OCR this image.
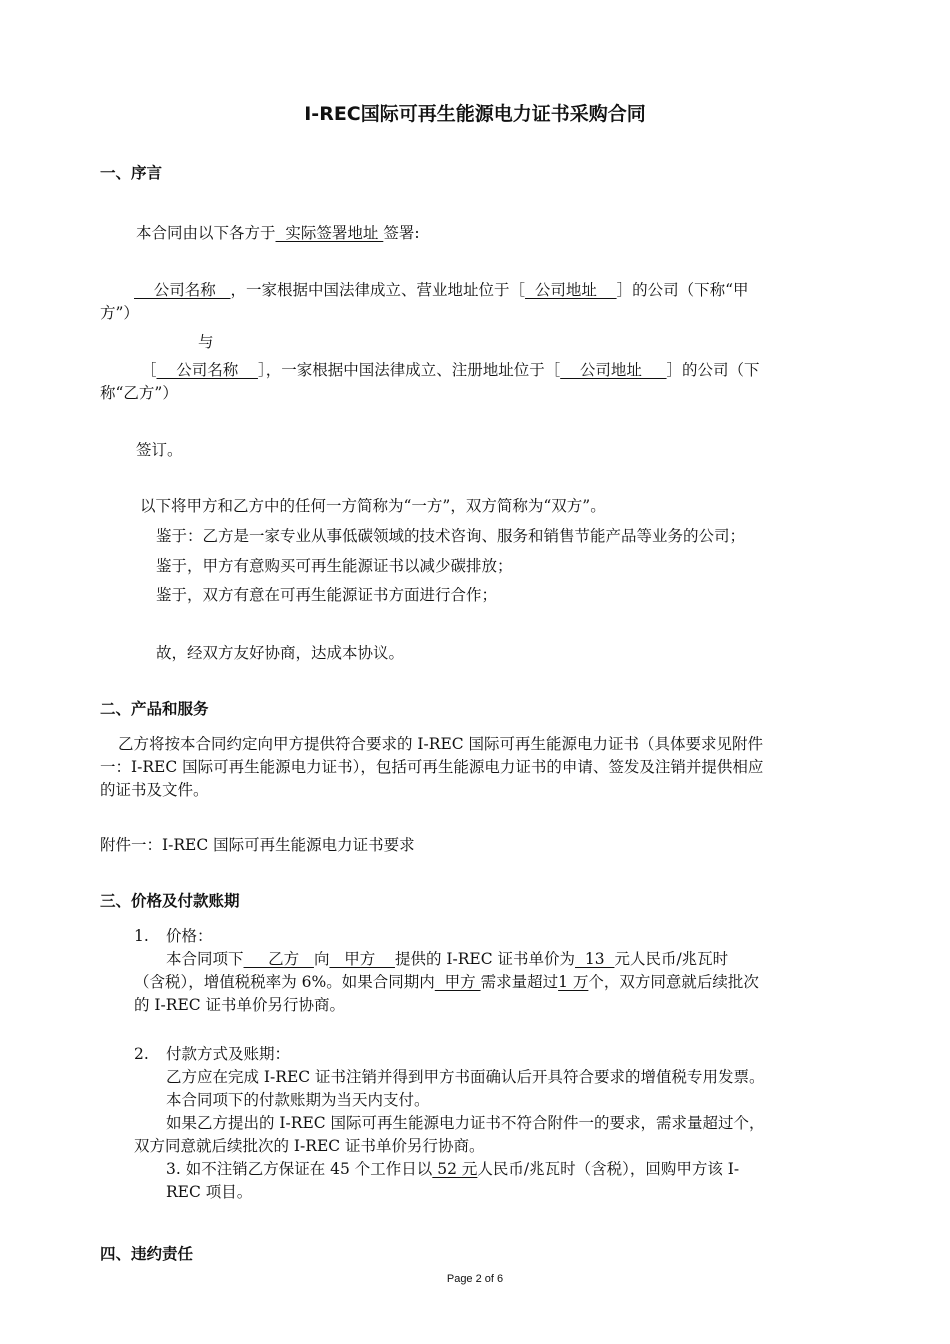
I-REC国际可再生能源电力证书采购合同
一、序言
本合同由以下各方于  实际签署地址 签署:
公司名称   ，一家根据中国法律成立、营业地址位于［  公司地址    ］的公司（下称“甲
方”）
与
［    公司名称    ］，一家根据中国法律成立、注册地址位于［    公司地址     ］的公司（下
称“乙方”）
签订。
以下将甲方和乙方中的任何一方简称为“一方”，双方简称为“双方”。
鉴于：乙方是一家专业从事低碳领域的技术咨询、服务和销售节能产品等业务的公司；
鉴于，甲方有意购买可再生能源证书以减少碳排放；
鉴于，双方有意在可再生能源证书方面进行合作；
故，经双方友好协商，达成本协议。
二、产品和服务
乙方将按本合同约定向甲方提供符合要求的 I-REC 国际可再生能源电力证书（具体要求见附件
一：I-REC 国际可再生能源电力证书），包括可再生能源电力证书的申请、签发及注销并提供相应
的证书及文件。
附件一：I-REC 国际可再生能源电力证书要求
三、价格及付款账期
1. 价格：
本合同项下     乙方   向   甲方    提供的 I-REC 证书单价为  13  元人民币/兆瓦时
（含税），增值税税率为 6%。如果合同期内  甲方 需求量超过1 万个，双方同意就后续批次
的 I-REC 证书单价另行协商。
2. 付款方式及账期：
乙方应在完成 I-REC 证书注销并得到甲方书面确认后开具符合要求的增值税专用发票。
本合同项下的付款账期为当天内支付。
如果乙方提出的 I-REC 国际可再生能源电力证书不符合附件一的要求，需求量超过个，
双方同意就后续批次的 I-REC 证书单价另行协商。
3. 如不注销乙方保证在 45 个工作日以 52 元人民币/兆瓦时（含税），回购甲方该 I-
REC 项目。
四、违约责任
Page 2 of 6
